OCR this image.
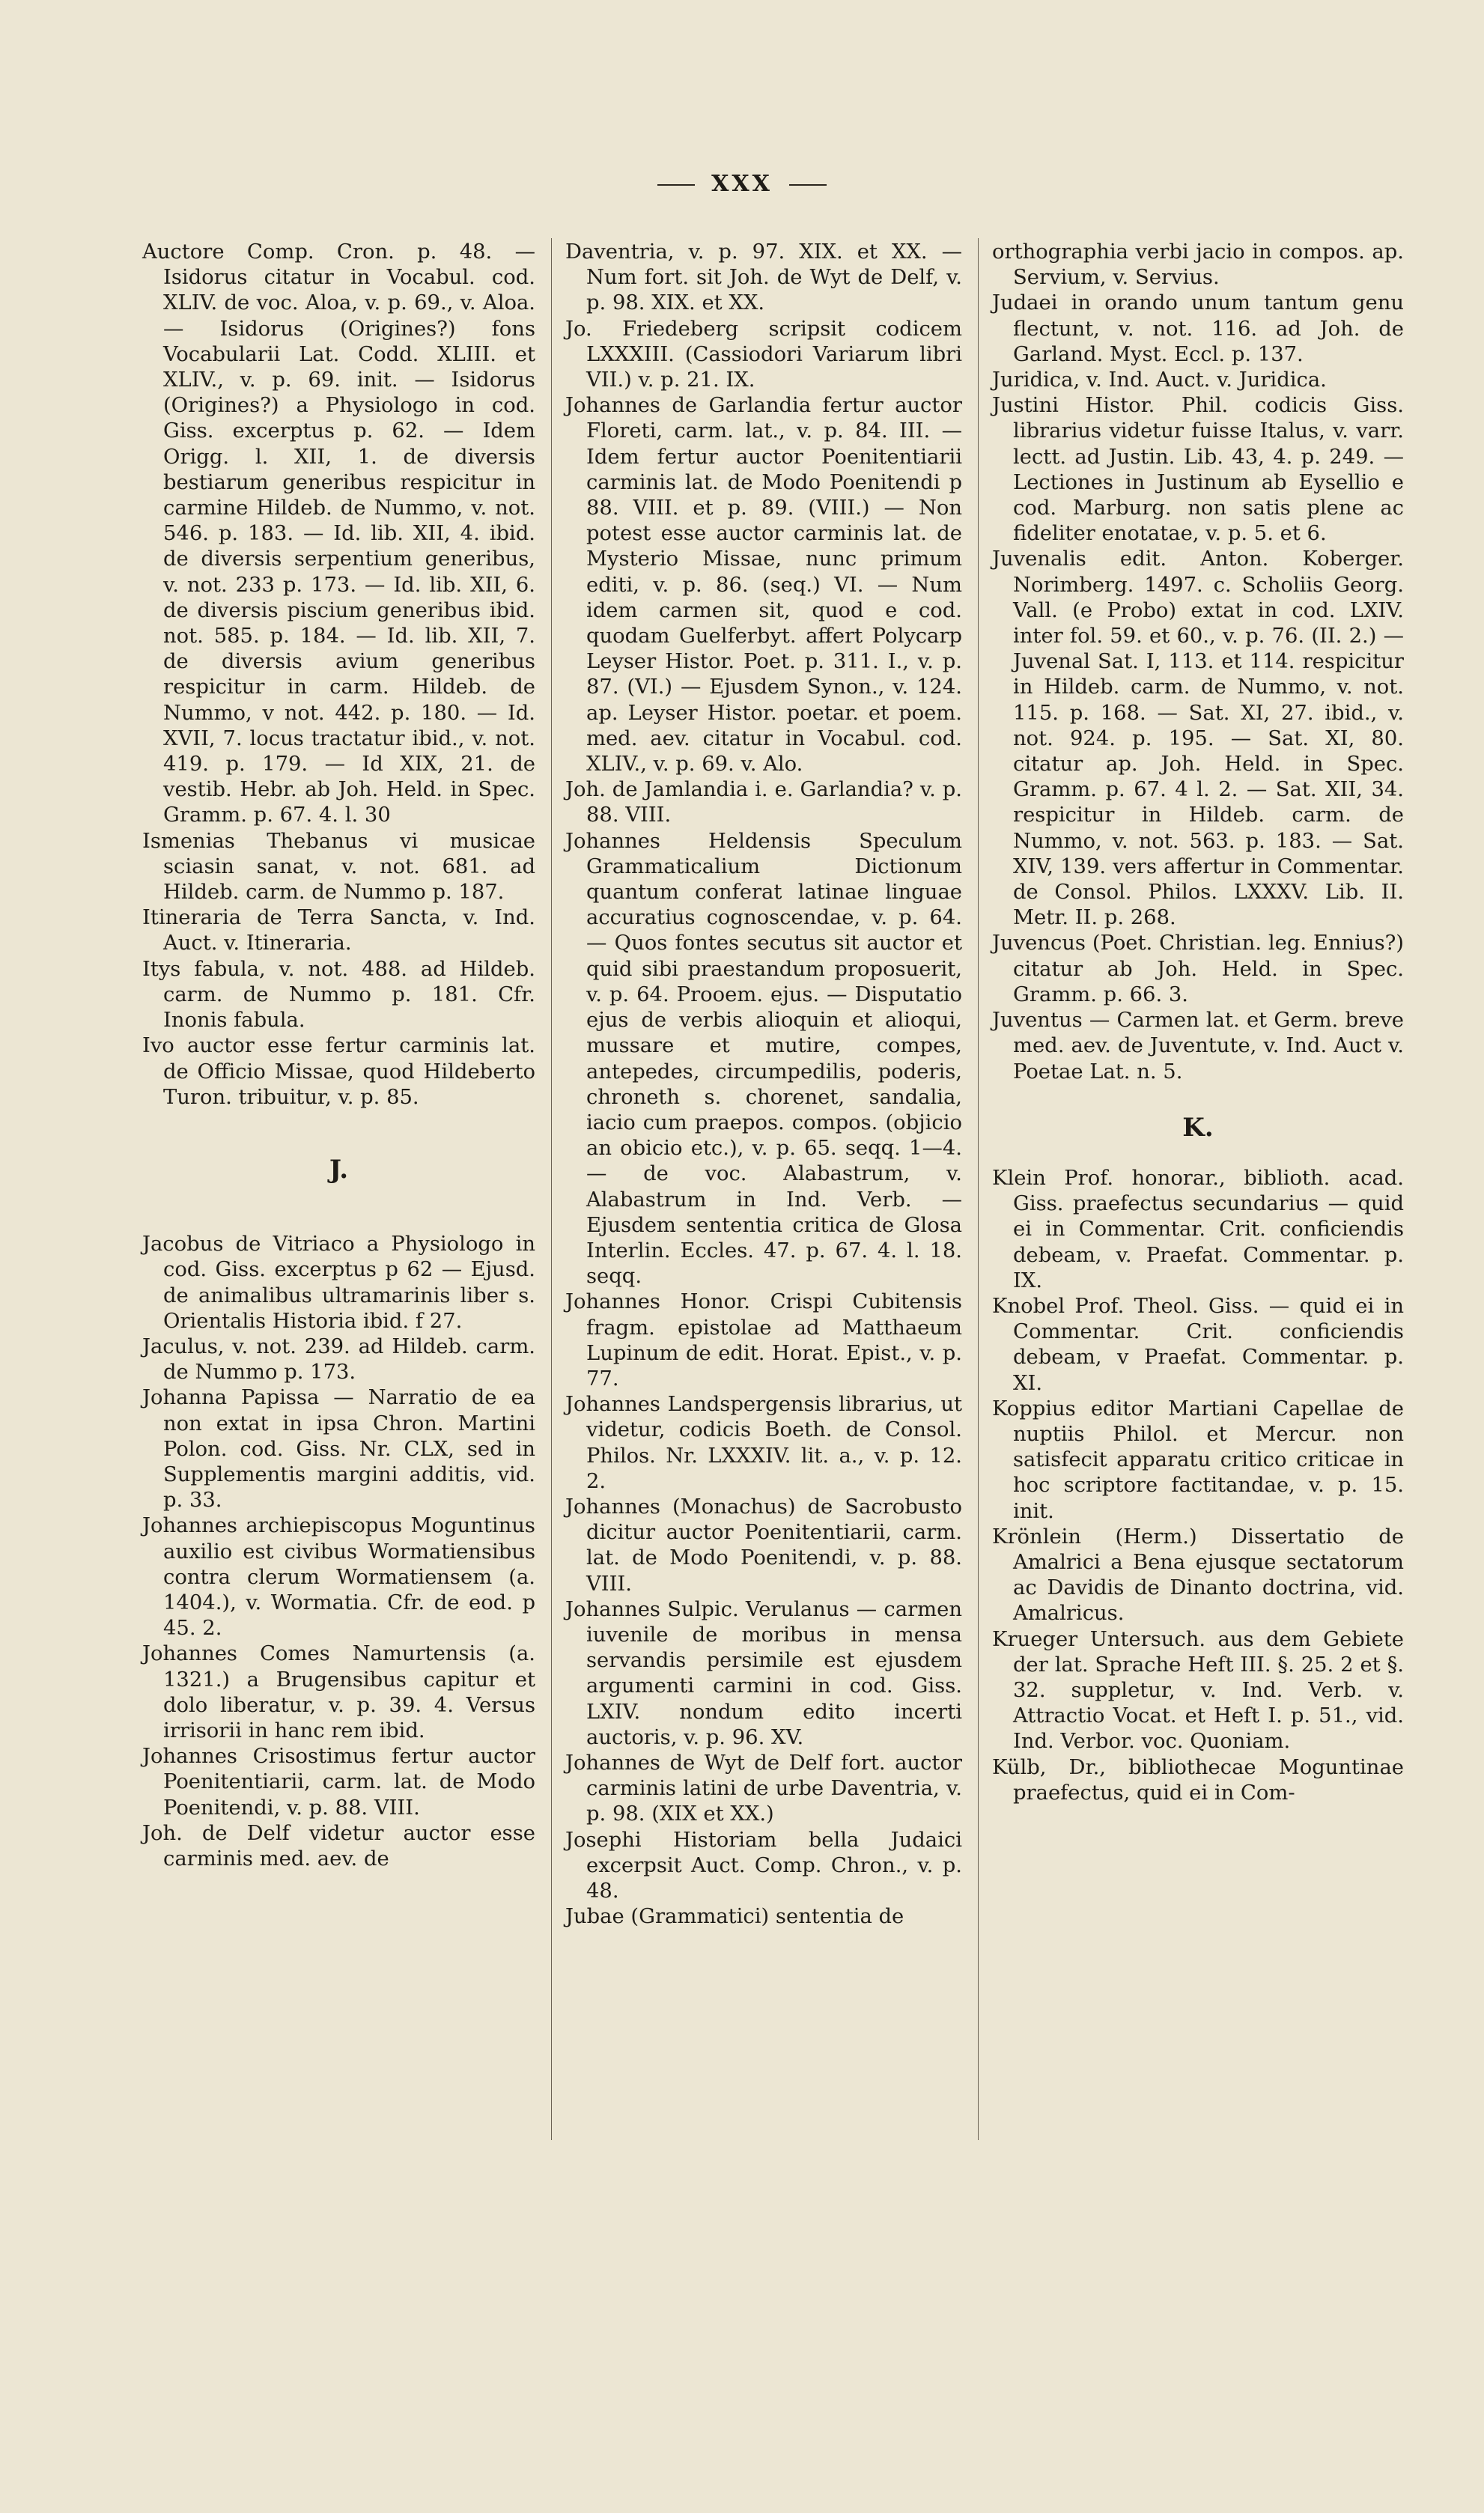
XXX

Auctore Comp. Cron. p. 48. — Isidorus citatur in Vocabul. cod. XLIV. de voc. Aloa, v. p. 69., v. Aloa. — Isidorus (Origines?) fons Vocabularii Lat. Codd. XLIII. et XLIV., v. p. 69. init. — Isidorus (Origines?) a Physiologo in cod. Giss. excerptus p. 62. — Idem Origg. l. XII, 1. de diversis bestiarum generibus respicitur in carmine Hildeb. de Nummo, v. not. 546. p. 183. — Id. lib. XII, 4. ibid. de diversis serpentium generibus, v. not. 233 p. 173. — Id. lib. XII, 6. de diversis piscium generibus ibid. not. 585. p. 184. — Id. lib. XII, 7. de diversis avium generibus respicitur in carm. Hildeb. de Nummo, v not. 442. p. 180. — Id. XVII, 7. locus tractatur ibid., v. not. 419. p. 179. — Id XIX, 21. de vestib. Hebr. ab Joh. Held. in Spec. Gramm. p. 67. 4. l. 30

Ismenias Thebanus vi musicae sciasin sanat, v. not. 681. ad Hildeb. carm. de Nummo p. 187.

Itineraria de Terra Sancta, v. Ind. Auct. v. Itineraria.

Itys fabula, v. not. 488. ad Hildeb. carm. de Nummo p. 181. Cfr. Inonis fabula.

Ivo auctor esse fertur carminis lat. de Officio Missae, quod Hildeberto Turon. tribuitur, v. p. 85.

J.

Jacobus de Vitriaco a Physiologo in cod. Giss. excerptus p 62 — Ejusd. de animalibus ultramarinis liber s. Orientalis Historia ibid. f 27.

Jaculus, v. not. 239. ad Hildeb. carm. de Nummo p. 173.

Johanna Papissa — Narratio de ea non extat in ipsa Chron. Martini Polon. cod. Giss. Nr. CLX, sed in Supplementis margini additis, vid. p. 33.

Johannes archiepiscopus Moguntinus auxilio est civibus Wormatiensibus contra clerum Wormatiensem (a. 1404.), v. Wormatia. Cfr. de eod. p 45. 2.

Johannes Comes Namurtensis (a. 1321.) a Brugensibus capitur et dolo liberatur, v. p. 39. 4. Versus irrisorii in hanc rem ibid.

Johannes Crisostimus fertur auctor Poenitentiarii, carm. lat. de Modo Poenitendi, v. p. 88. VIII.

Joh. de Delf videtur auctor esse carminis med. aev. de

Daventria, v. p. 97. XIX. et XX. — Num fort. sit Joh. de Wyt de Delf, v. p. 98. XIX. et XX.

Jo. Friedeberg scripsit codicem LXXXIII. (Cassiodori Variarum libri VII.) v. p. 21. IX.

Johannes de Garlandia fertur auctor Floreti, carm. lat., v. p. 84. III. — Idem fertur auctor Poenitentiarii carminis lat. de Modo Poenitendi p 88. VIII. et p. 89. (VIII.) — Non potest esse auctor carminis lat. de Mysterio Missae, nunc primum editi, v. p. 86. (seq.) VI. — Num idem carmen sit, quod e cod. quodam Guelferbyt. affert Polycarp Leyser Histor. Poet. p. 311. I., v. p. 87. (VI.) — Ejusdem Synon., v. 124. ap. Leyser Histor. poetar. et poem. med. aev. citatur in Vocabul. cod. XLIV., v. p. 69. v. Alo.

Joh. de Jamlandia i. e. Garlandia? v. p. 88. VIII.

Johannes Heldensis Speculum Grammaticalium Dictionum quantum conferat latinae linguae accuratius cognoscendae, v. p. 64. — Quos fontes secutus sit auctor et quid sibi praestandum proposuerit, v. p. 64. Prooem. ejus. — Disputatio ejus de verbis alioquin et alioqui, mussare et mutire, compes, antepedes, circumpedilis, poderis, chroneth s. chorenet, sandalia, iacio cum praepos. compos. (objicio an obicio etc.), v. p. 65. seqq. 1—4. — de voc. Alabastrum, v. Alabastrum in Ind. Verb. — Ejusdem sententia critica de Glosa Interlin. Eccles. 47. p. 67. 4. l. 18. seqq.

Johannes Honor. Crispi Cubitensis fragm. epistolae ad Matthaeum Lupinum de edit. Horat. Epist., v. p. 77.

Johannes Landspergensis librarius, ut videtur, codicis Boeth. de Consol. Philos. Nr. LXXXIV. lit. a., v. p. 12. 2.

Johannes (Monachus) de Sacrobusto dicitur auctor Poenitentiarii, carm. lat. de Modo Poenitendi, v. p. 88. VIII.

Johannes Sulpic. Verulanus — carmen iuvenile de moribus in mensa servandis persimile est ejusdem argumenti carmini in cod. Giss. LXIV. nondum edito incerti auctoris, v. p. 96. XV.

Johannes de Wyt de Delf fort. auctor carminis latini de urbe Daventria, v. p. 98. (XIX et XX.)

Josephi Historiam bella Judaici excerpsit Auct. Comp. Chron., v. p. 48.

Jubae (Grammatici) sententia de

orthographia verbi jacio in compos. ap. Servium, v. Servius.

Judaei in orando unum tantum genu flectunt, v. not. 116. ad Joh. de Garland. Myst. Eccl. p. 137.

Juridica, v. Ind. Auct. v. Juridica.

Justini Histor. Phil. codicis Giss. librarius videtur fuisse Italus, v. varr. lectt. ad Justin. Lib. 43, 4. p. 249. — Lectiones in Justinum ab Eysellio e cod. Marburg. non satis plene ac fideliter enotatae, v. p. 5. et 6.

Juvenalis edit. Anton. Koberger. Norimberg. 1497. c. Scholiis Georg. Vall. (e Probo) extat in cod. LXIV. inter fol. 59. et 60., v. p. 76. (II. 2.) — Juvenal Sat. I, 113. et 114. respicitur in Hildeb. carm. de Nummo, v. not. 115. p. 168. — Sat. XI, 27. ibid., v. not. 924. p. 195. — Sat. XI, 80. citatur ap. Joh. Held. in Spec. Gramm. p. 67. 4 l. 2. — Sat. XII, 34. respicitur in Hildeb. carm. de Nummo, v. not. 563. p. 183. — Sat. XIV, 139. vers affertur in Commentar. de Consol. Philos. LXXXV. Lib. II. Metr. II. p. 268.

Juvencus (Poet. Christian. leg. Ennius?) citatur ab Joh. Held. in Spec. Gramm. p. 66. 3.

Juventus — Carmen lat. et Germ. breve med. aev. de Juventute, v. Ind. Auct v. Poetae Lat. n. 5.

K.

Klein Prof. honorar., biblioth. acad. Giss. praefectus secundarius — quid ei in Commentar. Crit. conficiendis debeam, v. Praefat. Commentar. p. IX.

Knobel Prof. Theol. Giss. — quid ei in Commentar. Crit. conficiendis debeam, v Praefat. Commentar. p. XI.

Koppius editor Martiani Capellae de nuptiis Philol. et Mercur. non satisfecit apparatu critico criticae in hoc scriptore factitandae, v. p. 15. init.

Krönlein (Herm.) Dissertatio de Amalrici a Bena ejusque sectatorum ac Davidis de Dinanto doctrina, vid. Amalricus.

Krueger Untersuch. aus dem Gebiete der lat. Sprache Heft III. §. 25. 2 et §. 32. suppletur, v. Ind. Verb. v. Attractio Vocat. et Heft I. p. 51., vid. Ind. Verbor. voc. Quoniam.

Külb, Dr., bibliothecae Moguntinae praefectus, quid ei in Com-
